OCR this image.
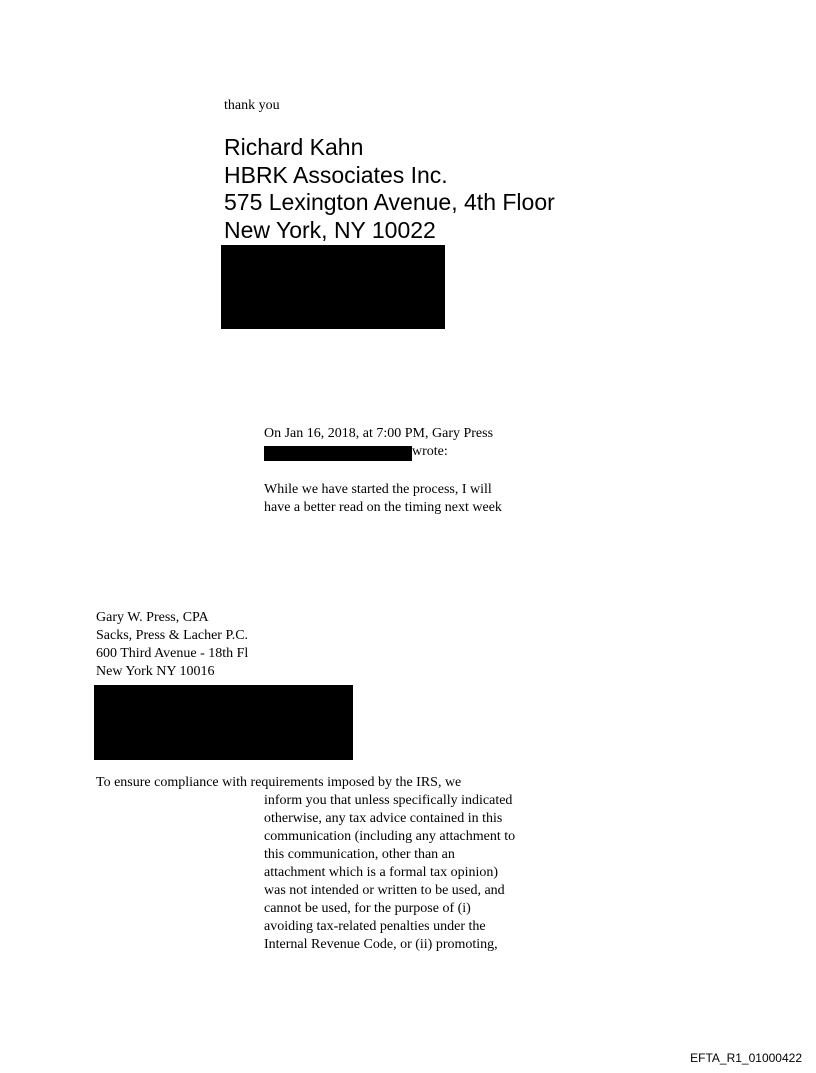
thank you
Richard Kahn
HBRK Associates Inc.
575 Lexington Avenue, 4th Floor
New York, NY 10022
On Jan 16, 2018, at 7:00 PM, Gary Press
wrote:
While we have started the process, I will
have a better read on the timing next week
Gary W. Press, CPA
Sacks, Press & Lacher P.C.
600 Third Avenue - 18th Fl
New York NY 10016
To ensure compliance with requirements imposed by the IRS, we
inform you that unless specifically indicated
otherwise, any tax advice contained in this
communication (including any attachment to
this communication, other than an
attachment which is a formal tax opinion)
was not intended or written to be used, and
cannot be used, for the purpose of (i)
avoiding tax-related penalties under the
Internal Revenue Code, or (ii) promoting,
EFTA_R1_01000422
